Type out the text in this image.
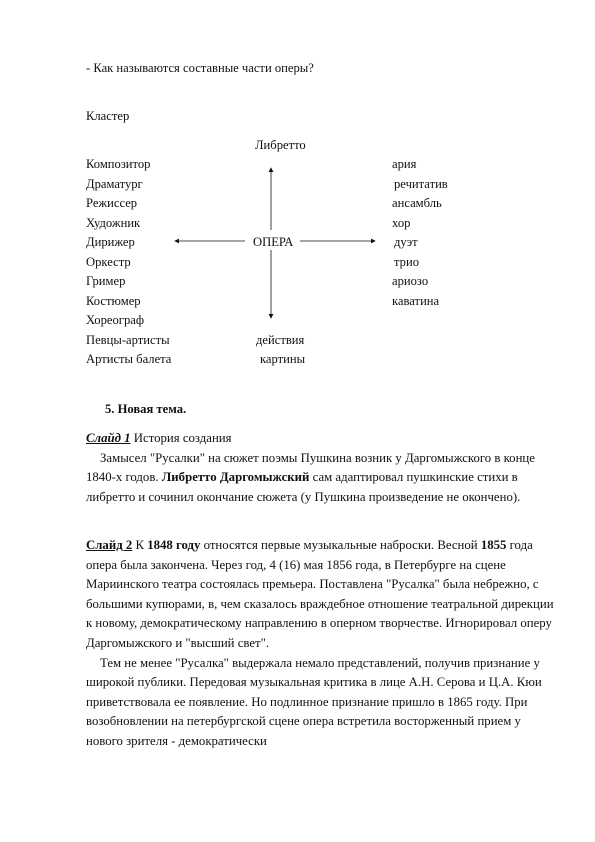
- Как называются составные части оперы?
Кластер
Либретто
ОПЕРА
Композитор
Драматург
Режиссер
Художник
Дирижер
Оркестр
Гример
Костюмер
Хореограф
Певцы-артисты
Артисты балета
ария
речитатив
ансамбль
хор
дуэт
трио
ариозо
каватина
действия
картины
5. Новая тема.
Слайд 1 История создания
Замысел "Русалки" на сюжет поэмы Пушкина возник у Даргомыжского в конце 1840-х годов. Либретто Даргомыжский сам адаптировал пушкинские стихи в либретто и сочинил окончание сюжета (у Пушкина произведение не окончено).
Слайд 2 К 1848 году относятся первые музыкальные наброски. Весной 1855 года опера была закончена. Через год, 4 (16) мая 1856 года, в Петербурге на сцене Мариинского театра состоялась премьера. Поставлена "Русалка" была небрежно, с большими купюрами, в, чем сказалось враждебное отношение театральной дирекции к новому, демократическому направлению в оперном творчестве. Игнорировал оперу Даргомыжского и "высший свет".
Тем не менее "Русалка" выдержала немало представлений, получив признание у широкой публики. Передовая музыкальная критика в лице А.Н. Серова и Ц.А. Кюи приветствовала ее появление. Но подлинное признание пришло в 1865 году. При возобновлении на петербургской сцене опера встретила восторженный прием у нового зрителя - демократически
